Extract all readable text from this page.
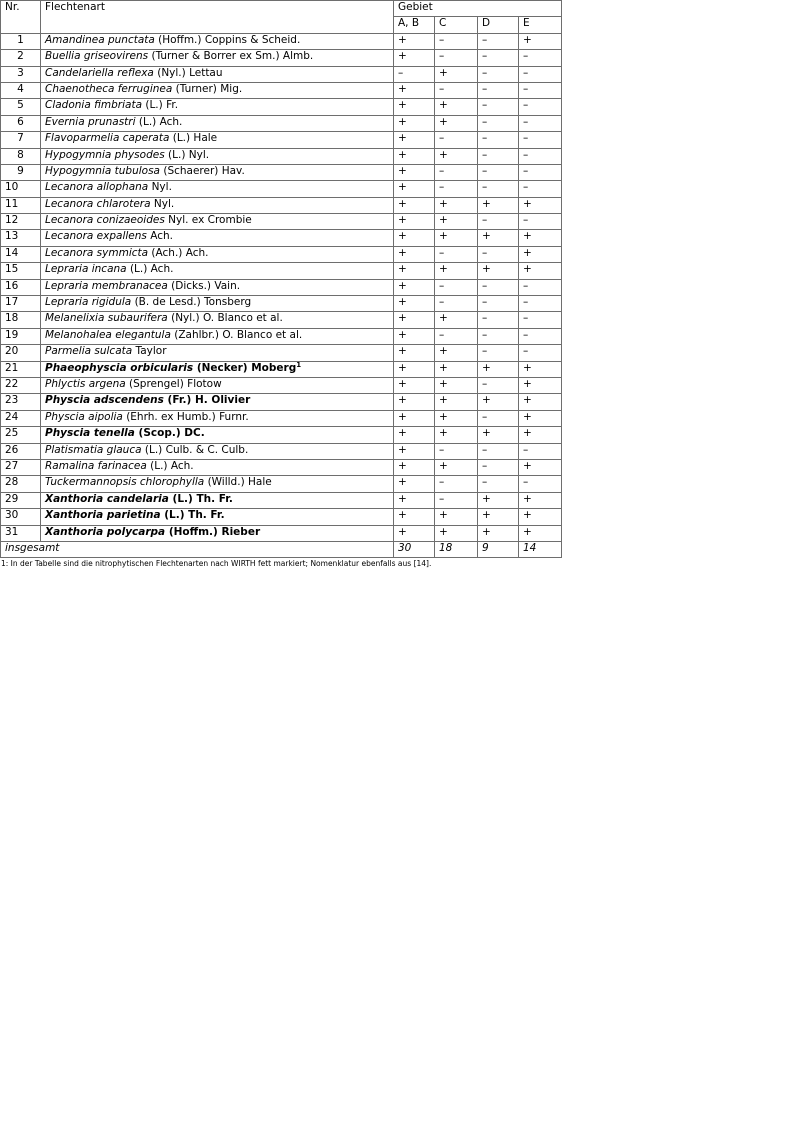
Nr.	Flechtenart	Gebiet			
		A, B	C	D	E
1	Amandinea punctata (Hoffm.) Coppins & Scheid.	+	–	–	+
2	Buellia griseovirens (Turner & Borrer ex Sm.) Almb.	+	–	–	–
3	Candelariella reflexa (Nyl.) Lettau	–	+	–	–
4	Chaenotheca ferruginea (Turner) Mig.	+	–	–	–
5	Cladonia fimbriata (L.) Fr.	+	+	–	–
6	Evernia prunastri (L.) Ach.	+	+	–	–
7	Flavoparmelia caperata (L.) Hale	+	–	–	–
8	Hypogymnia physodes (L.) Nyl.	+	+	–	–
9	Hypogymnia tubulosa (Schaerer) Hav.	+	–	–	–
10	Lecanora allophana Nyl.	+	–	–	–
11	Lecanora chlarotera Nyl.	+	+	+	+
12	Lecanora conizaeoides Nyl. ex Crombie	+	+	–	–
13	Lecanora expallens Ach.	+	+	+	+
14	Lecanora symmicta (Ach.) Ach.	+	–	–	+
15	Lepraria incana (L.) Ach.	+	+	+	+
16	Lepraria membranacea (Dicks.) Vain.	+	–	–	–
17	Lepraria rigidula (B. de Lesd.) Tonsberg	+	–	–	–
18	Melanelixia subaurifera (Nyl.) O. Blanco et al.	+	+	–	–
19	Melanohalea elegantula (Zahlbr.) O. Blanco et al.	+	–	–	–
20	Parmelia sulcata Taylor	+	+	–	–
21	Phaeophyscia orbicularis (Necker) Moberg$^1$	+	+	+	+
22	Phlyctis argena (Sprengel) Flotow	+	+	–	+
23	Physcia adscendens (Fr.) H. Olivier	+	+	+	+
24	Physcia aipolia (Ehrh. ex Humb.) Furnr.	+	+	–	+
25	Physcia tenella (Scop.) DC.	+	+	+	+
26	Platismatia glauca (L.) Culb. & C. Culb.	+	–	–	–
27	Ramalina farinacea (L.) Ach.	+	+	–	+
28	Tuckermannopsis chlorophylla (Willd.) Hale	+	–	–	–
29	Xanthoria candelaria (L.) Th. Fr.	+	–	+	+
30	Xanthoria parietina (L.) Th. Fr.	+	+	+	+
31	Xanthoria polycarpa (Hoffm.) Rieber	+	+	+	+
insgesamt		30	18	9	14
1: In der Tabelle sind die nitrophytischen Flechtenarten nach WIRTH fett markiert; Nomenklatur ebenfalls aus [14].
